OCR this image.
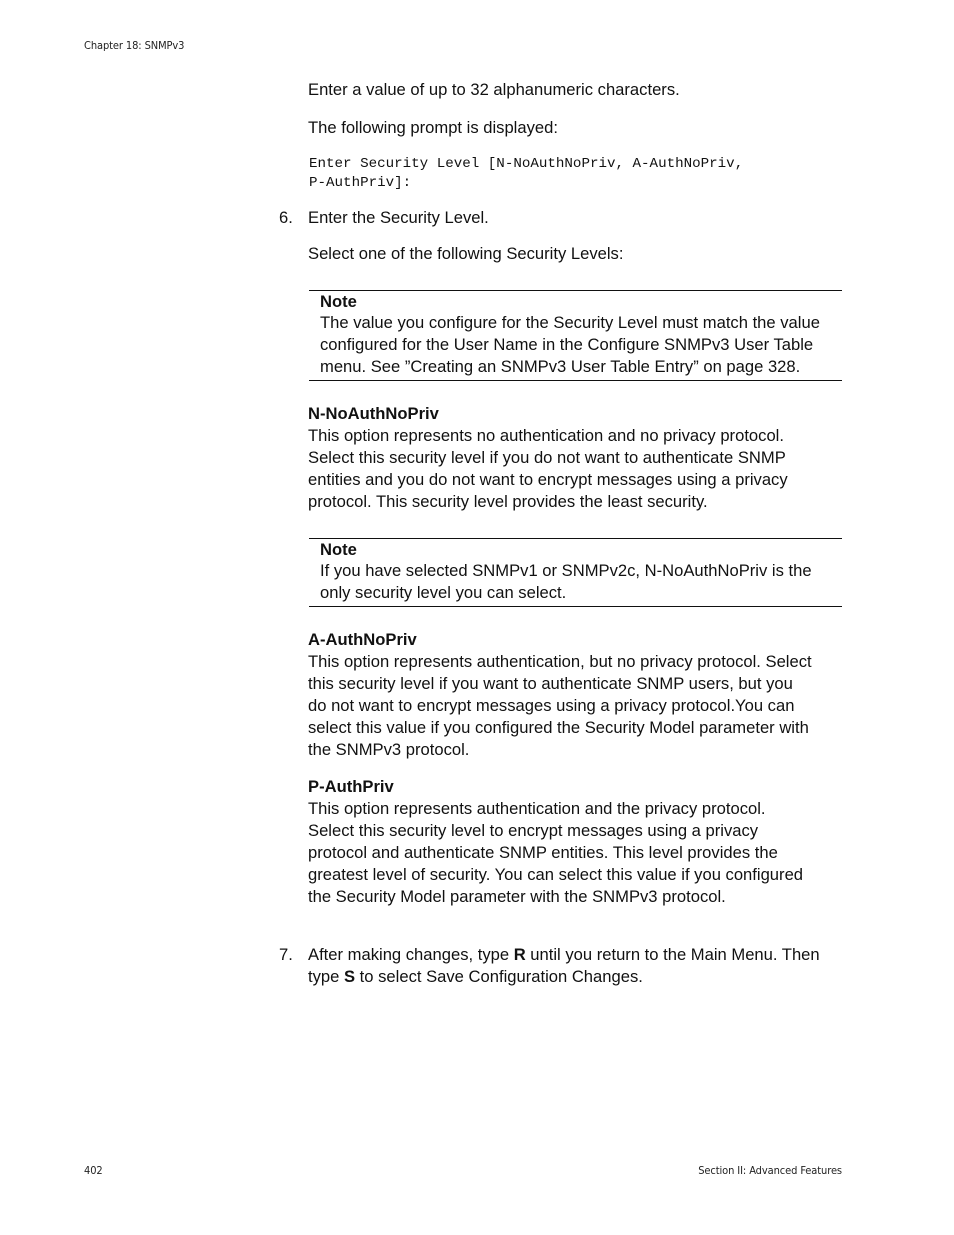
Chapter 18: SNMPv3

Enter a value of up to 32 alphanumeric characters.

The following prompt is displayed:

Enter Security Level [N-NoAuthNoPriv, A-AuthNoPriv,
P-AuthPriv]:
6. Enter the Security Level.

Select one of the following Security Levels:

Note
The value you configure for the Security Level must match the value configured for the User Name in the Configure SNMPv3 User Table menu. See ”Creating an SNMPv3 User Table Entry” on page 328.

N-NoAuthNoPriv

This option represents no authentication and no privacy protocol. Select this security level if you do not want to authenticate SNMP entities and you do not want to encrypt messages using a privacy protocol. This security level provides the least security.

Note
If you have selected SNMPv1 or SNMPv2c, N-NoAuthNoPriv is the only security level you can select.

A-AuthNoPriv

This option represents authentication, but no privacy protocol. Select this security level if you want to authenticate SNMP users, but you do not want to encrypt messages using a privacy protocol.You can select this value if you configured the Security Model parameter with the SNMPv3 protocol.

P-AuthPriv

This option represents authentication and the privacy protocol. Select this security level to encrypt messages using a privacy protocol and authenticate SNMP entities. This level provides the greatest level of security. You can select this value if you configured the Security Model parameter with the SNMPv3 protocol.

7. After making changes, type R until you return to the Main Menu. Then type S to select Save Configuration Changes.

402	Section II: Advanced Features
